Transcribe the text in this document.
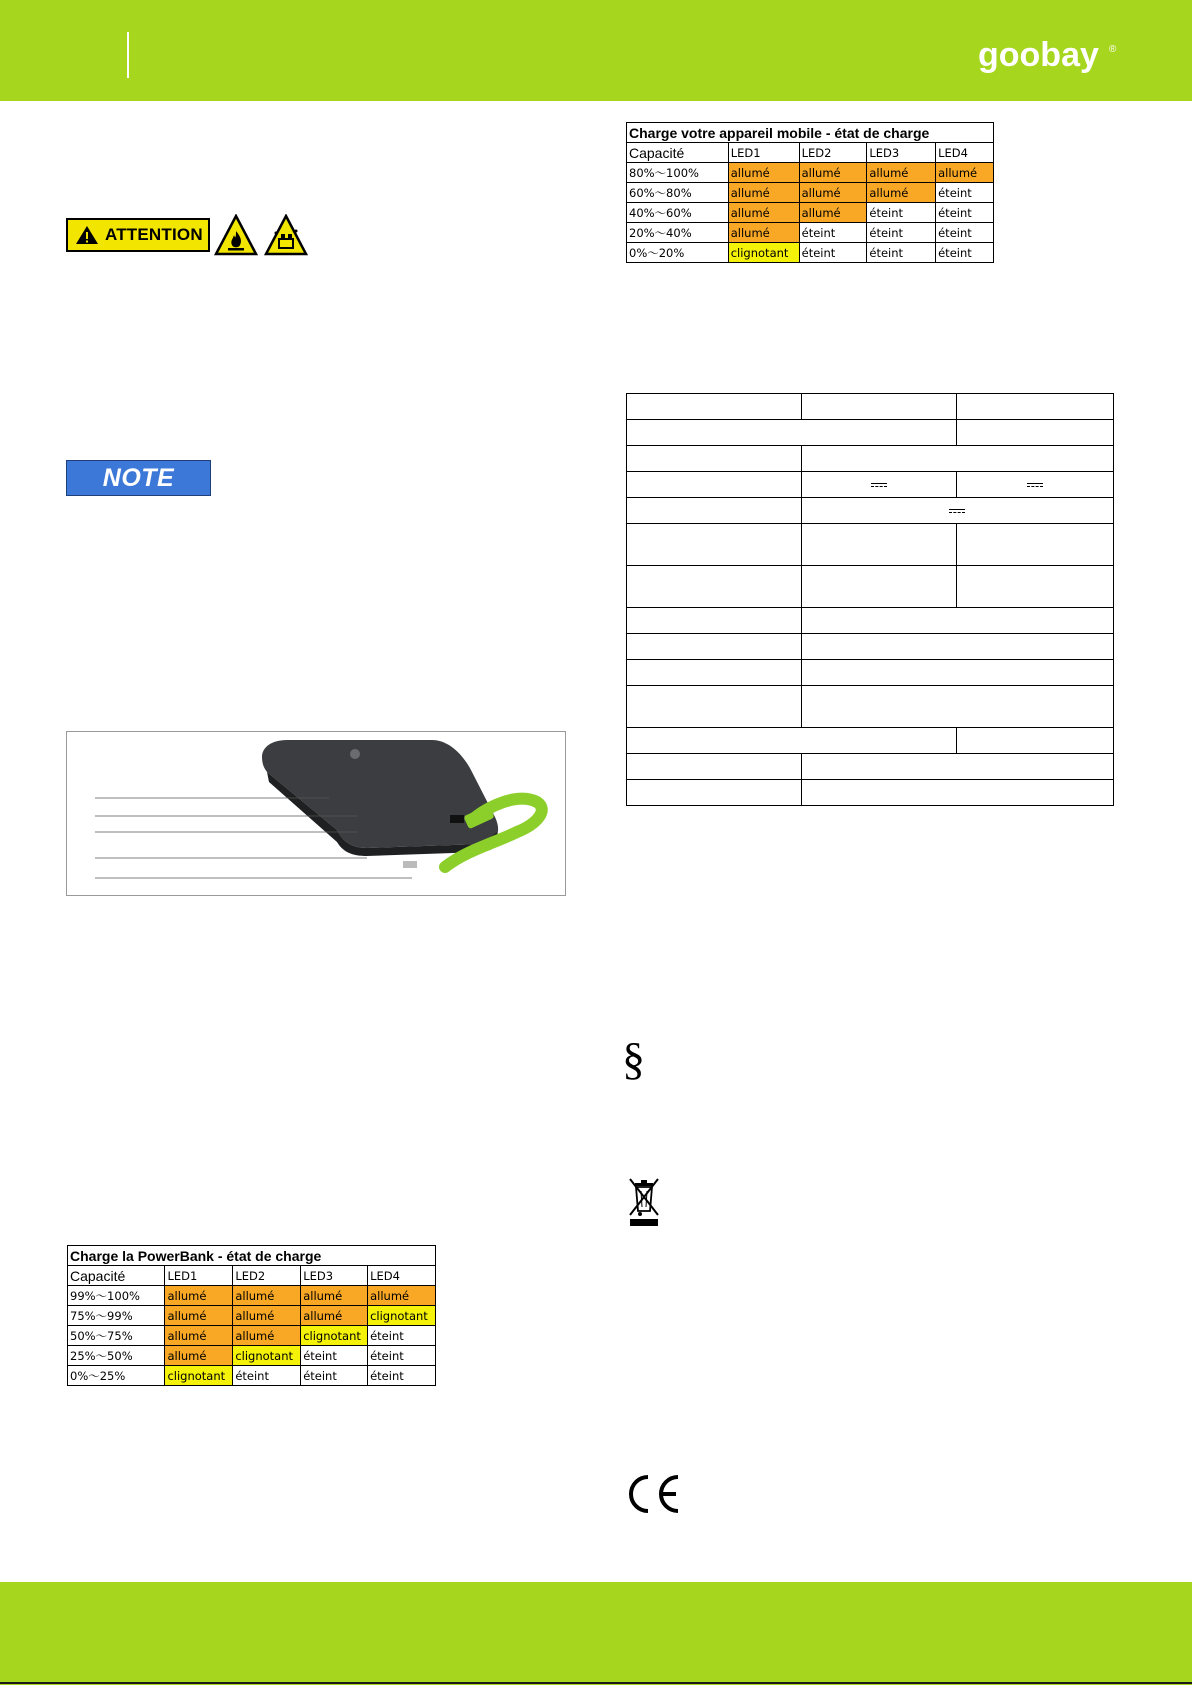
goobay ®
ATTENTION
NOTE
Charge la PowerBank - état de charge				
Capacité	LED1	LED2	LED3	LED4
99%〜100%	allumé	allumé	allumé	allumé
75%〜99%	allumé	allumé	allumé	clignotant
50%〜75%	allumé	allumé	clignotant	éteint
25%〜50%	allumé	clignotant	éteint	éteint
0%〜25%	clignotant	éteint	éteint	éteint
Charge votre appareil mobile - état de charge				
Capacité	LED1	LED2	LED3	LED4
80%〜100%	allumé	allumé	allumé	allumé
60%〜80%	allumé	allumé	allumé	éteint
40%〜60%	allumé	allumé	éteint	éteint
20%〜40%	allumé	éteint	éteint	éteint
0%〜20%	clignotant	éteint	éteint	éteint

§
